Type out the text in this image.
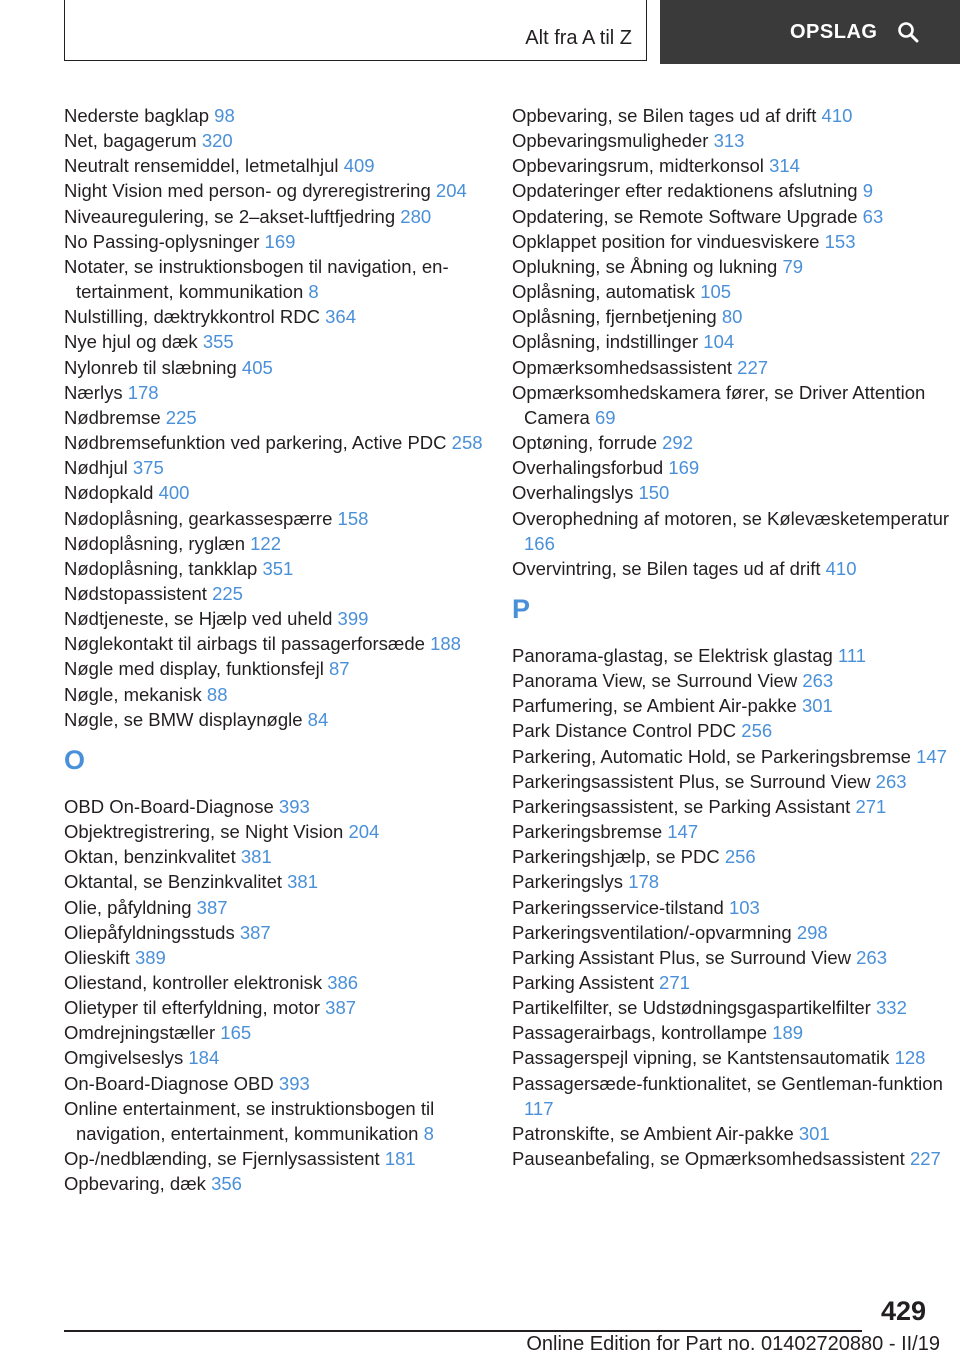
Alt fra A til Z	OPSLAG
Nederste bagklap 98
Net, bagagerum 320
Neutralt rensemiddel, letmetalhjul 409
Night Vision med person- og dyreregistrering 204
Niveauregulering, se 2–akset-luftfjedring 280
No Passing-oplysninger 169
Notater, se instruktionsbogen til navigation, entertainment, kommunikation 8
Nulstilling, dæktrykkontrol RDC 364
Nye hjul og dæk 355
Nylonreb til slæbning 405
Nærlys 178
Nødbremse 225
Nødbremsefunktion ved parkering, Active PDC 258
Nødhjul 375
Nødopkald 400
Nødoplåsning, gearkassespærre 158
Nødoplåsning, ryglæn 122
Nødoplåsning, tankklap 351
Nødstopassistent 225
Nødtjeneste, se Hjælp ved uheld 399
Nøglekontakt til airbags til passagerforsæde 188
Nøgle med display, funktionsfejl 87
Nøgle, mekanisk 88
Nøgle, se BMW displaynøgle 84
O
OBD On-Board-Diagnose 393
Objektregistrering, se Night Vision 204
Oktan, benzinkvalitet 381
Oktantal, se Benzinkvalitet 381
Olie, påfyldning 387
Oliepåfyldningsstuds 387
Olieskift 389
Oliestand, kontroller elektronisk 386
Olietyper til efterfyldning, motor 387
Omdrejningstæller 165
Omgivelseslys 184
On-Board-Diagnose OBD 393
Online entertainment, se instruktionsbogen til navigation, entertainment, kommunikation 8
Op-/nedblænding, se Fjernlysassistent 181
Opbevaring, dæk 356
Opbevaring, se Bilen tages ud af drift 410
Opbevaringsmuligheder 313
Opbevaringsrum, midterkonsol 314
Opdateringer efter redaktionens afslutning 9
Opdatering, se Remote Software Upgrade 63
Opklappet position for vinduesviskere 153
Oplukning, se Åbning og lukning 79
Oplåsning, automatisk 105
Oplåsning, fjernbetjening 80
Oplåsning, indstillinger 104
Opmærksomhedsassistent 227
Opmærksomhedskamera fører, se Driver Attention Camera 69
Optøning, forrude 292
Overhalingsforbud 169
Overhalingslys 150
Overophedning af motoren, se Kølevæsketemperatur 166
Overvintring, se Bilen tages ud af drift 410
P
Panorama-glastag, se Elektrisk glastag 111
Panorama View, se Surround View 263
Parfumering, se Ambient Air-pakke 301
Park Distance Control PDC 256
Parkering, Automatic Hold, se Parkeringsbremse 147
Parkeringsassistent Plus, se Surround View 263
Parkeringsassistent, se Parking Assistant 271
Parkeringsbremse 147
Parkeringshjælp, se PDC 256
Parkeringslys 178
Parkeringsservice-tilstand 103
Parkeringsventilation/-opvarmning 298
Parking Assistant Plus, se Surround View 263
Parking Assistent 271
Partikelfilter, se Udstødningsgaspartikelfilter 332
Passagerairbags, kontrollampe 189
Passagerspejl vipning, se Kantstensautomatik 128
Passagersæde-funktionalitet, se Gentleman-funktion 117
Patronskifte, se Ambient Air-pakke 301
Pauseanbefaling, se Opmærksomhedsassistent 227
429
Online Edition for Part no. 01402720880 - II/19
